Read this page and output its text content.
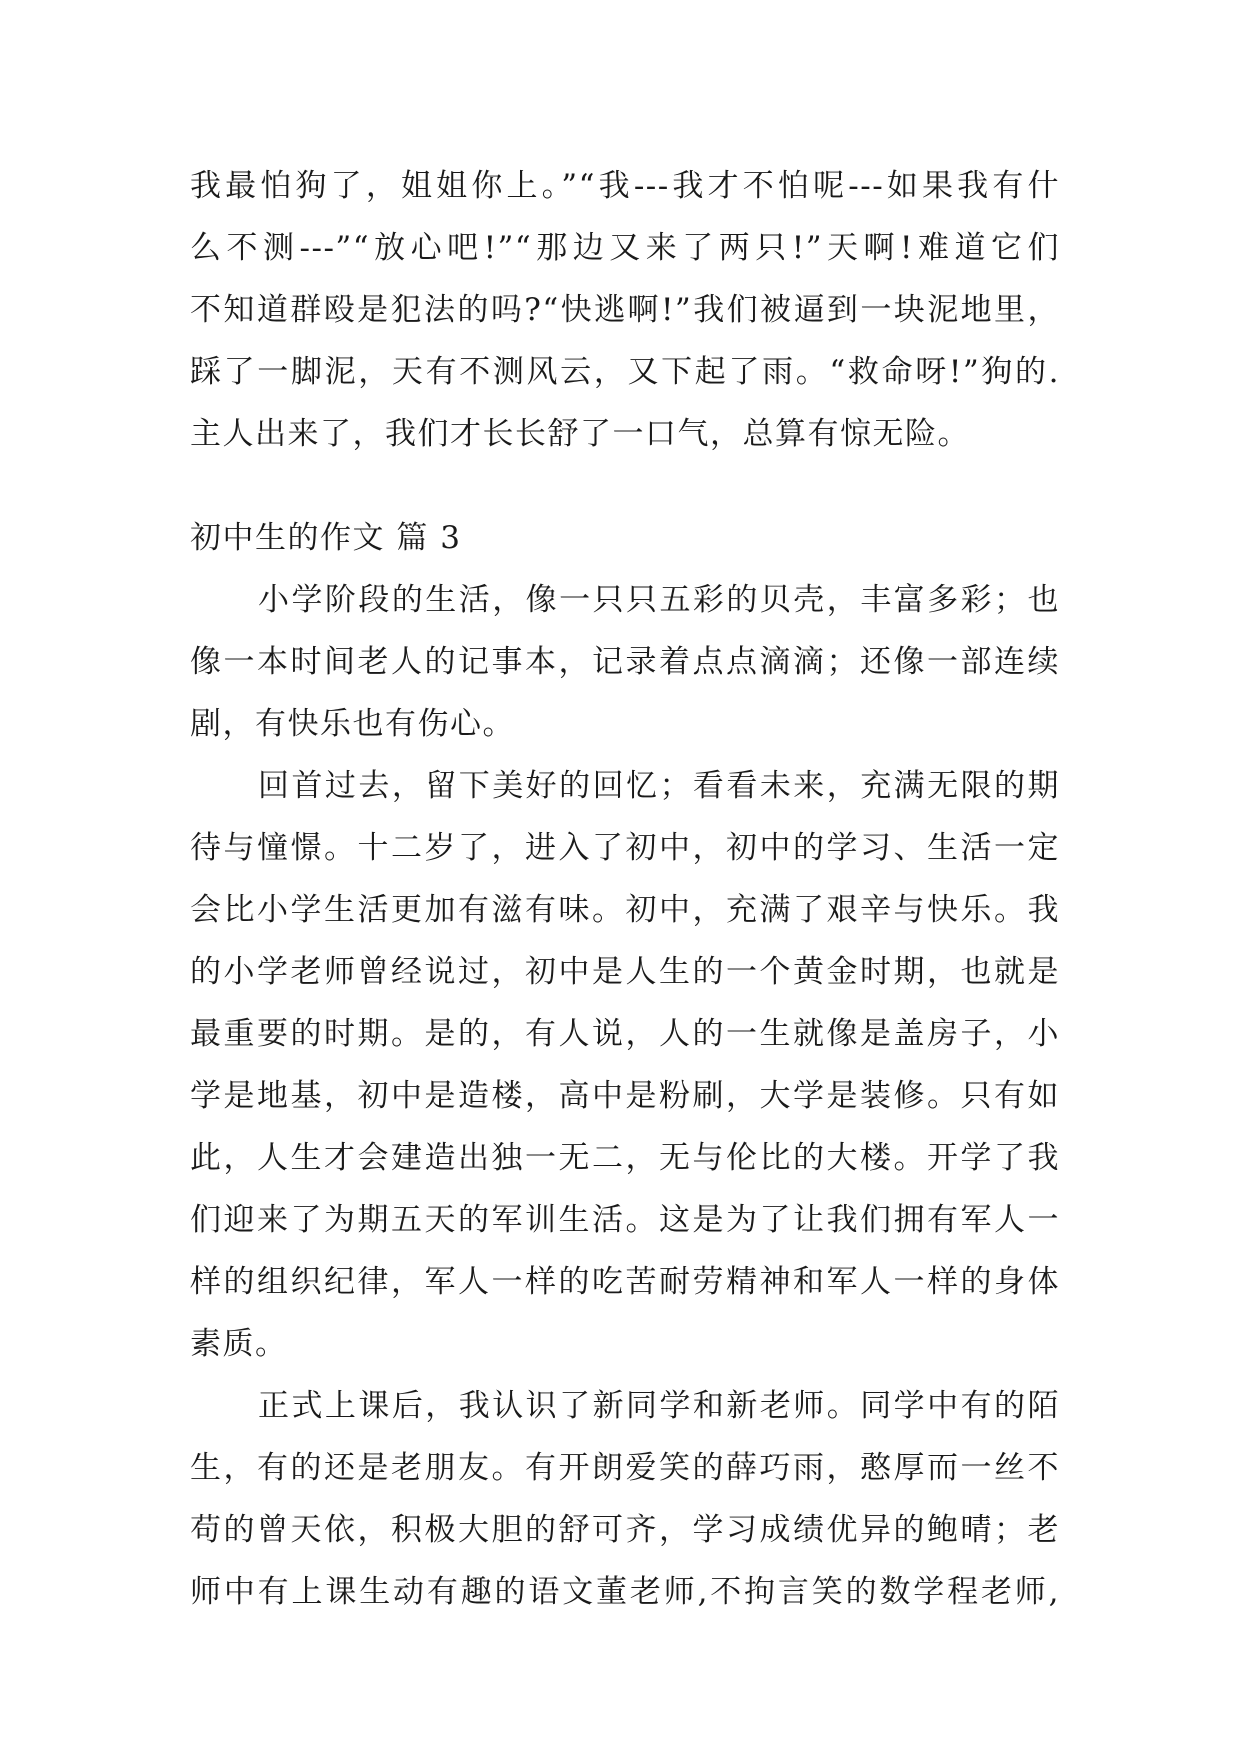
我最怕狗了，姐姐你上。”“我---我才不怕呢---如果我有什
么不测---”“放心吧!”“那边又来了两只!”天啊!难道它们
不知道群殴是犯法的吗?“快逃啊!”我们被逼到一块泥地里，
踩了一脚泥，天有不测风云，又下起了雨。“救命呀!”狗的.
主人出来了，我们才长长舒了一口气，总算有惊无险。
初中生的作文 篇 3
小学阶段的生活，像一只只五彩的贝壳，丰富多彩；也
像一本时间老人的记事本，记录着点点滴滴；还像一部连续
剧，有快乐也有伤心。
回首过去，留下美好的回忆；看看未来，充满无限的期
待与憧憬。十二岁了，进入了初中，初中的学习、生活一定
会比小学生活更加有滋有味。初中，充满了艰辛与快乐。我
的小学老师曾经说过，初中是人生的一个黄金时期，也就是
最重要的时期。是的，有人说，人的一生就像是盖房子，小
学是地基，初中是造楼，高中是粉刷，大学是装修。只有如
此，人生才会建造出独一无二，无与伦比的大楼。开学了我
们迎来了为期五天的军训生活。这是为了让我们拥有军人一
样的组织纪律，军人一样的吃苦耐劳精神和军人一样的身体
素质。
正式上课后，我认识了新同学和新老师。同学中有的陌
生，有的还是老朋友。有开朗爱笑的薛巧雨，憨厚而一丝不
苟的曾天依，积极大胆的舒可齐，学习成绩优异的鲍晴；老
师中有上课生动有趣的语文董老师,不拘言笑的数学程老师,
